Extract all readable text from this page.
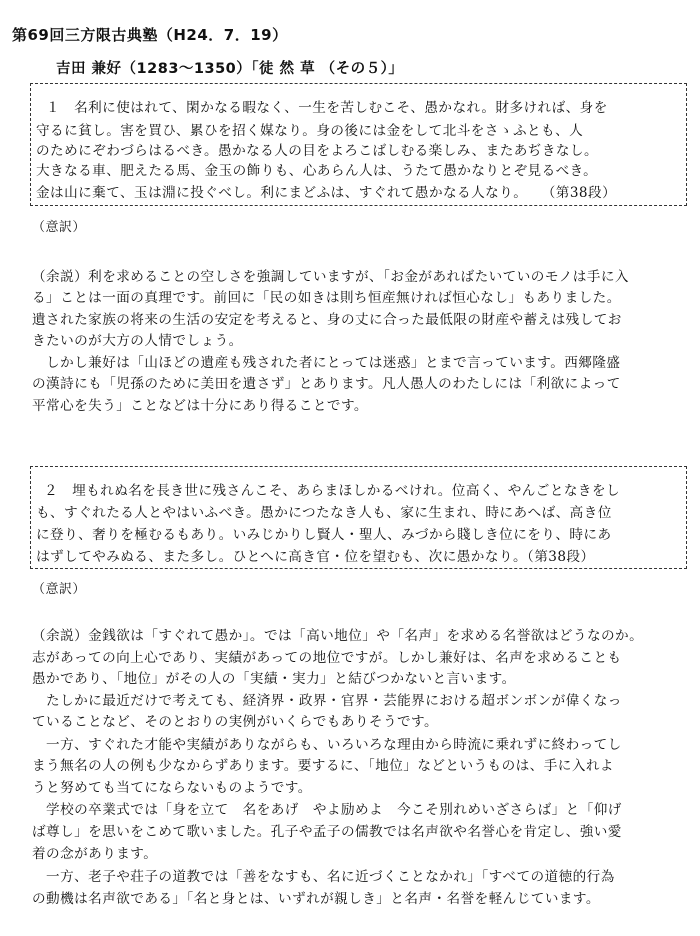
第69回三方限古典塾（H24．7．19）
吉田 兼好（1283～1350）「徒 然 草 （その５）」
１　名利に使はれて、閑かなる暇なく、一生を苦しむこそ、愚かなれ。財多ければ、身を
守るに貧し。害を買ひ、累ひを招く媒なり。身の後には金をして北斗をさゝふとも、人
のためにぞわづらはるべき。愚かなる人の目をよろこばしむる楽しみ、またあぢきなし。
大きなる車、肥えたる馬、金玉の飾りも、心あらん人は、うたて愚かなりとぞ見るべき。
金は山に棄て、玉は淵に投ぐべし。利にまどふは、すぐれて愚かなる人なり。　　（第38段）
（意訳）
（余説）利を求めることの空しさを強調していますが、「お金があればたいていのモノは手に入
る」ことは一面の真理です。前回に「民の如きは則ち恒産無ければ恒心なし」もありました。
遺された家族の将来の生活の安定を考えると、身の丈に合った最低限の財産や蓄えは残してお
きたいのが大方の人情でしょう。
　しかし兼好は「山ほどの遺産も残された者にとっては迷惑」とまで言っています。西郷隆盛
の漢詩にも「児孫のために美田を遺さず」とあります。凡人愚人のわたしには「利欲によって
平常心を失う」ことなどは十分にあり得ることです。
２　埋もれぬ名を長き世に残さんこそ、あらまほしかるべけれ。位高く、やんごとなきをし
も、すぐれたる人とやはいふべき。愚かにつたなき人も、家に生まれ、時にあへば、高き位
に登り、奢りを極むるもあり。いみじかりし賢人・聖人、みづから賤しき位にをり、時にあ
はずしてやみぬる、また多し。ひとへに高き官・位を望むも、次に愚かなり。（第38段）
（意訳）
（余説）金銭欲は「すぐれて愚か」。では「高い地位」や「名声」を求める名誉欲はどうなのか。
志があっての向上心であり、実績があっての地位ですが。しかし兼好は、名声を求めることも
愚かであり、「地位」がその人の「実績・実力」と結びつかないと言います。
　たしかに最近だけで考えても、経済界・政界・官界・芸能界における超ボンボンが偉くなっ
ていることなど、そのとおりの実例がいくらでもありそうです。
　一方、すぐれた才能や実績がありながらも、いろいろな理由から時流に乗れずに終わってし
まう無名の人の例も少なからずあります。要するに、「地位」などというものは、手に入れよ
うと努めても当てにならないものようです。
　学校の卒業式では「身を立て　名をあげ　やよ励めよ　今こそ別れめいざさらば」と「仰げ
ば尊し」を思いをこめて歌いました。孔子や孟子の儒教では名声欲や名誉心を肯定し、強い愛
着の念があります。
　一方、老子や荘子の道教では「善をなすも、名に近づくことなかれ」「すべての道徳的行為
の動機は名声欲である」「名と身とは、いずれが親しき」と名声・名誉を軽んじています。
